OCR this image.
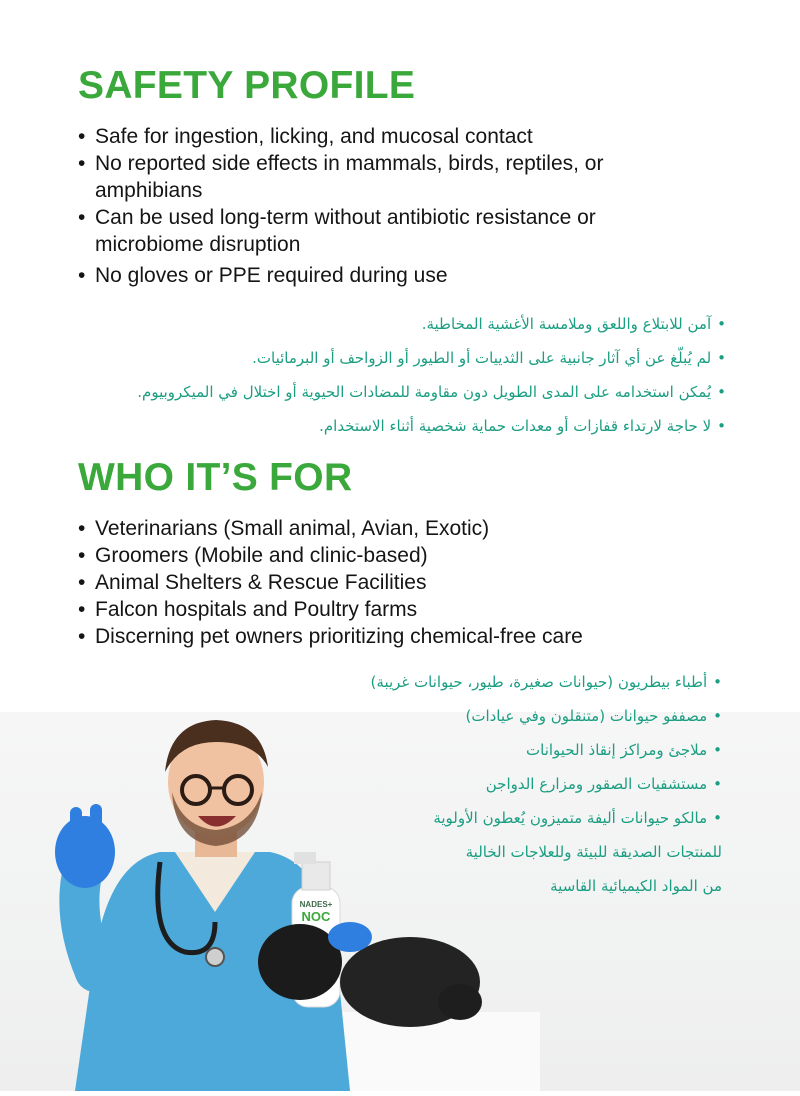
SAFETY PROFILE
• Safe for ingestion, licking, and mucosal contact
• No reported side effects in mammals, birds, reptiles, or amphibians
• Can be used long-term without antibiotic resistance or microbiome disruption
• No gloves or PPE required during use
• آمن للابتلاع واللعق وملامسة الأغشية المخاطية.
• لم يُبلّغ عن أي آثار جانبية على الثدييات أو الطيور أو الزواحف أو البرمائيات.
• يُمكن استخدامه على المدى الطويل دون مقاومة للمضادات الحيوية أو اختلال في الميكروبيوم.
• لا حاجة لارتداء قفازات أو معدات حماية شخصية أثناء الاستخدام.
WHO IT’S FOR
• Veterinarians (Small animal, Avian, Exotic)
• Groomers (Mobile and clinic-based)
• Animal Shelters & Rescue Facilities
• Falcon hospitals and Poultry farms
• Discerning pet owners prioritizing chemical-free care
NADES+
NOC
• أطباء بيطريون (حيوانات صغيرة، طيور، حيوانات غريبة)
• مصففو حيوانات (متنقلون وفي عيادات)
• ملاجئ ومراكز إنقاذ الحيوانات
• مستشفيات الصقور ومزارع الدواجن
• مالكو حيوانات أليفة متميزون يُعطون الأولوية
للمنتجات الصديقة للبيئة وللعلاجات الخالية
من المواد الكيميائية القاسية
